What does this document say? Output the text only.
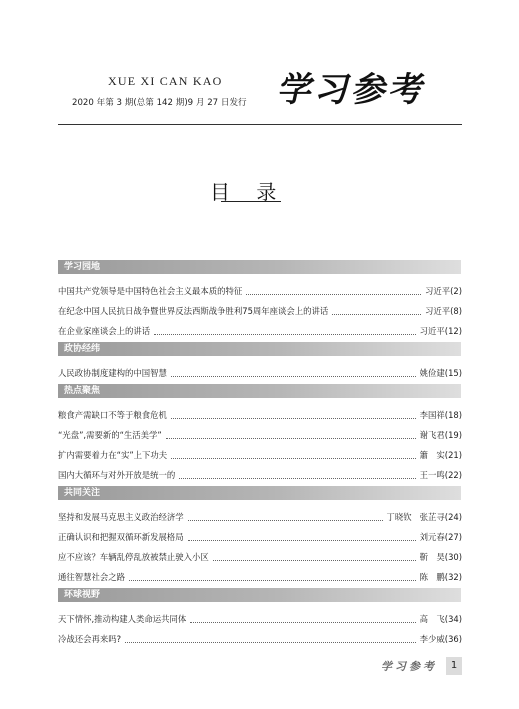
XUE XI CAN KAO
2020 年第 3 期(总第 142 期)9 月 27 日发行 学习参考
目 录
学习园地
中国共产党领导是中国特色社会主义最本质的特征	习近平(2)
在纪念中国人民抗日战争暨世界反法西斯战争胜利75周年座谈会上的讲话	习近平(8)
在企业家座谈会上的讲话	习近平(12)
政协经纬
人民政协制度建构的中国智慧	姚俭建(15)
热点聚焦
粮食产需缺口不等于粮食危机	李国祥(18)
“光盘”,需要新的“生活美学”	谢飞君(19)
扩内需要着力在“实”上下功夫	簫　实(21)
国内大循环与对外开放是统一的	王一鸣(22)
共同关注
坚持和发展马克思主义政治经济学	丁晓钦 张芷寻(24)
正确认识和把握双循环新发展格局	刘元春(27)
应不应该？车辆乱停乱放被禁止驶入小区	靳　昊(30)
通往智慧社会之路	陈　鹏(32)
环球视野
天下情怀,推动构建人类命运共同体	高　飞(34)
冷战还会再来吗?	李少威(36)
学习参考	1
